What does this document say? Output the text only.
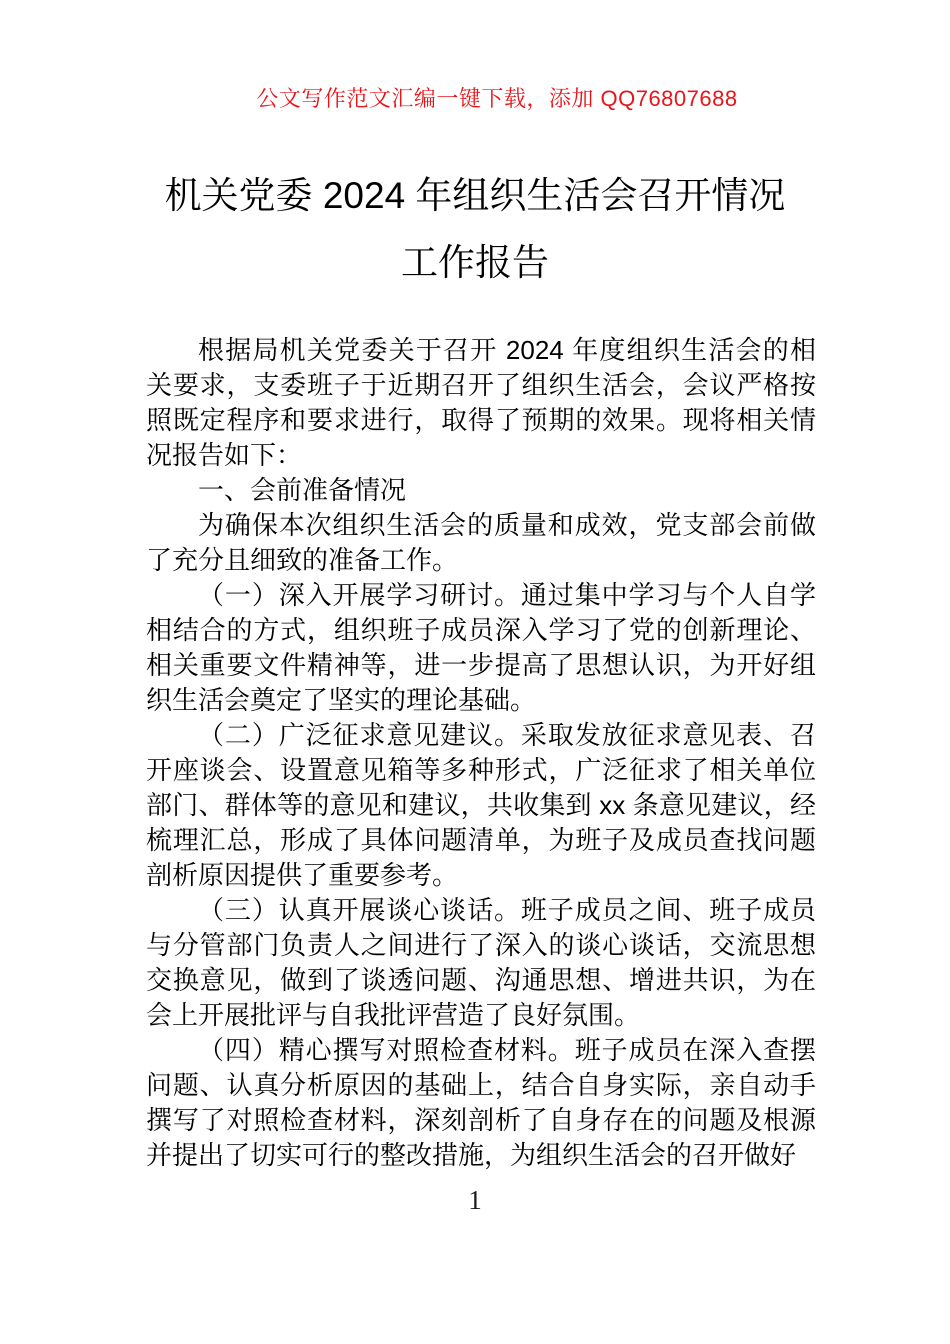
公文写作范文汇编一键下载，添加 QQ76807688
机关党委 2024 年组织生活会召开情况工作报告

根据局机关党委关于召开 2024 年度组织生活会的相关要求，支委班子于近期召开了组织生活会，会议严格按照既定程序和要求进行，取得了预期的效果。现将相关情况报告如下：

一、会前准备情况

为确保本次组织生活会的质量和成效，党支部会前做了充分且细致的准备工作。

（一）深入开展学习研讨。通过集中学习与个人自学相结合的方式，组织班子成员深入学习了党的创新理论、相关重要文件精神等，进一步提高了思想认识，为开好组织生活会奠定了坚实的理论基础。

（二）广泛征求意见建议。采取发放征求意见表、召开座谈会、设置意见箱等多种形式，广泛征求了相关单位部门、群体等的意见和建议，共收集到 xx 条意见建议，经梳理汇总，形成了具体问题清单，为班子及成员查找问题剖析原因提供了重要参考。

（三）认真开展谈心谈话。班子成员之间、班子成员与分管部门负责人之间进行了深入的谈心谈话，交流思想交换意见，做到了谈透问题、沟通思想、增进共识，为在会上开展批评与自我批评营造了良好氛围。

（四）精心撰写对照检查材料。班子成员在深入查摆问题、认真分析原因的基础上，结合自身实际，亲自动手撰写了对照检查材料，深刻剖析了自身存在的问题及根源并提出了切实可行的整改措施，为组织生活会的召开做好

1
